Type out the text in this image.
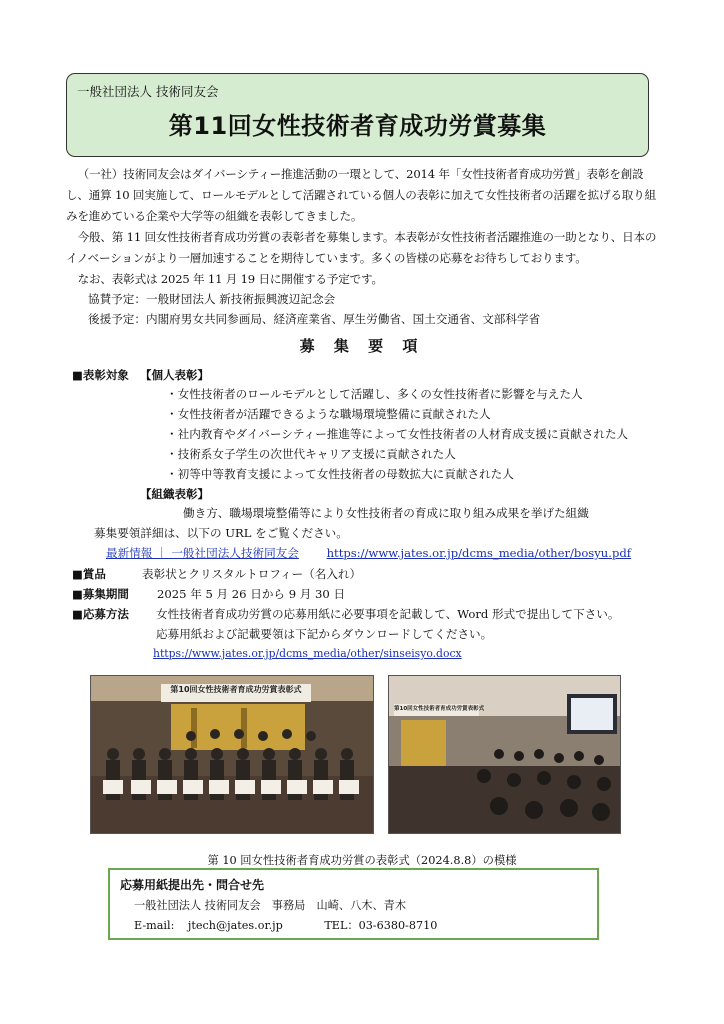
一般社団法人 技術同友会
第11回女性技術者育成功労賞募集
（一社）技術同友会はダイバーシティー推進活動の一環として、2014 年「女性技術者育成功労賞」表彰を創設し、通算 10 回実施して、ロールモデルとして活躍されている個人の表彰に加えて女性技術者の活躍を拡げる取り組みを進めている企業や大学等の組織を表彰してきました。
今般、第 11 回女性技術者育成功労賞の表彰者を募集します。本表彰が女性技術者活躍推進の一助となり、日本のイノベーションがより一層加速することを期待しています。多くの皆様の応募をお待ちしております。
なお、表彰式は 2025 年 11 月 19 日に開催する予定です。
協賛予定：一般財団法人 新技術振興渡辺記念会
後援予定：内閣府男女共同参画局、経済産業省、厚生労働省、国土交通省、文部科学省
募 集 要 項
■表彰対象 【個人表彰】
・女性技術者のロールモデルとして活躍し、多くの女性技術者に影響を与えた人
・女性技術者が活躍できるような職場環境整備に貢献された人
・社内教育やダイバーシティー推進等によって女性技術者の人材育成支援に貢献された人
・技術系女子学生の次世代キャリア支援に貢献された人
・初等中等教育支援によって女性技術者の母数拡大に貢献された人
【組織表彰】
働き方、職場環境整備等により女性技術者の育成に取り組み成果を挙げた組織
募集要領詳細は、以下の URL をご覧ください。
最新情報 ｜ 一般社団法人技術同友会 https://www.jates.or.jp/dcms_media/other/bosyu.pdf
■賞品	表彰状とクリスタルトロフィー（名入れ）
■募集期間 2025 年 5 月 26 日から 9 月 30 日
■応募方法 女性技術者育成功労賞の応募用紙に必要事項を記載して、Word 形式で提出して下さい。
応募用紙および記載要領は下記からダウンロードしてください。
https://www.jates.or.jp/dcms_media/other/sinseisyo.docx
第10回女性技術者育成功労賞表彰式
第10回女性技術者育成功労賞表彰式
第 10 回女性技術者育成功労賞の表彰式（2024.8.8）の模様
応募用紙提出先・問合せ先
一般社団法人 技術同友会　事務局　山崎、八木、青木
E-mail: jtech@jates.or.jp	TEL：03-6380-8710
